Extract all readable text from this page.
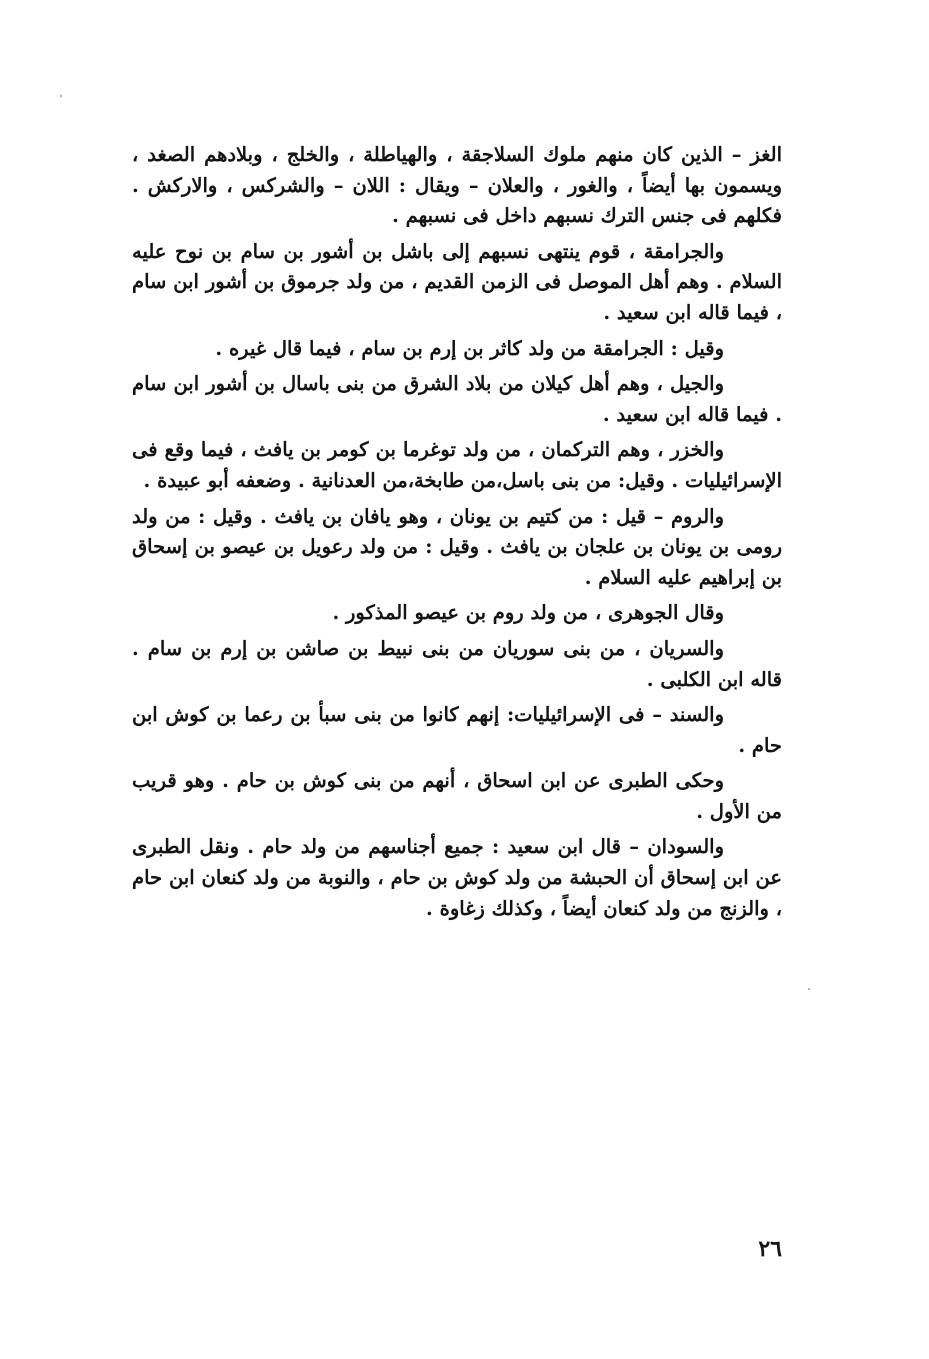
الغز – الذين كان منهم ملوك السلاجقة ، والهياطلة ، والخلج ، وبلادهم الصغد ، ويسمون بها أيضاً ، والغور ، والعلان – ويقال : اللان – والشركس ، والاركش . فكلهم فى جنس الترك نسبهم داخل فى نسبهم .

والجرامقة ، قوم ينتهى نسبهم إلى باشل بن أشور بن سام بن نوح عليه السلام . وهم أهل الموصل فى الزمن القديم ، من ولد جرموق بن أشور ابن سام ، فيما قاله ابن سعيد .

وقيل : الجرامقة من ولد كاثر بن إرم بن سام ، فيما قال غيره .

والجيل ، وهم أهل كيلان من بلاد الشرق من بنى باسال بن أشور ابن سام . فيما قاله ابن سعيد .

والخزر ، وهم التركمان ، من ولد توغرما بن كومر بن يافث ، فيما وقع فى الإسرائيليات . وقيل: من بنى باسل،من طابخة،من العدنانية . وضعفه أبو عبيدة .

والروم – قيل : من كتيم بن يونان ، وهو يافان بن يافث . وقيل : من ولد رومى بن يونان بن علجان بن يافث . وقيل : من ولد رعويل بن عيصو بن إسحاق بن إبراهيم عليه السلام .

وقال الجوهرى ، من ولد روم بن عيصو المذكور .

والسريان ، من بنى سوريان من بنى نبيط بن صاشن بن إرم بن سام . قاله ابن الكلبى .

والسند – فى الإسرائيليات: إنهم كانوا من بنى سبأ بن رعما بن كوش ابن حام .

وحكى الطبرى عن ابن اسحاق ، أنهم من بنى كوش بن حام . وهو قريب من الأول .

والسودان – قال ابن سعيد : جميع أجناسهم من ولد حام . ونقل الطبرى عن ابن إسحاق أن الحبشة من ولد كوش بن حام ، والنوبة من ولد كنعان ابن حام ، والزنج من ولد كنعان أيضاً ، وكذلك زغاوة .

٢٦
